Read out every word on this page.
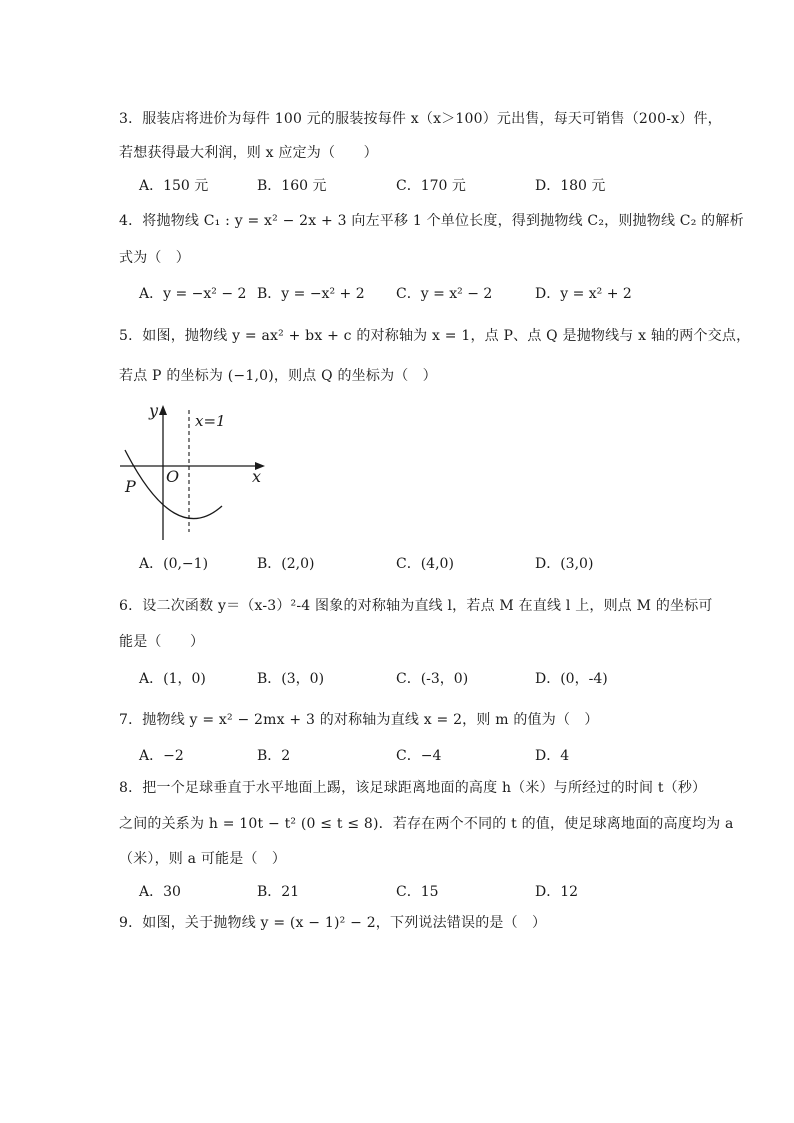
3．服装店将进价为每件 100 元的服装按每件 x（x＞100）元出售，每天可销售（200-x）件，
若想获得最大利润，则 x 应定为（　　）
A．150 元	B．160 元	C．170 元	D．180 元
4．将抛物线 C₁ : y = x² − 2x + 3 向左平移 1 个单位长度，得到抛物线 C₂，则抛物线 C₂ 的解析
式为（　）
A．y = −x² − 2 B．y = −x² + 2 C．y = x² − 2	D．y = x² + 2
5．如图，抛物线 y = ax² + bx + c 的对称轴为 x = 1，点 P、点 Q 是抛物线与 x 轴的两个交点，
若点 P 的坐标为 (−1,0)，则点 Q 的坐标为（　）
y
x
O
P
x=1
A．(0,−1)	B．(2,0)	C．(4,0)	D．(3,0)
6．设二次函数 y＝（x-3）²-4 图象的对称轴为直线 l，若点 M 在直线 l 上，则点 M 的坐标可
能是（　　）
A．(1，0)	B．(3，0)	C．(-3，0)	D．(0，-4)
7．抛物线 y = x² − 2mx + 3 的对称轴为直线 x = 2，则 m 的值为（　）
A．−2	B．2	C．−4	D．4
8．把一个足球垂直于水平地面上踢，该足球距离地面的高度 h（米）与所经过的时间 t（秒）
之间的关系为 h = 10t − t² (0 ≤ t ≤ 8)．若存在两个不同的 t 的值，使足球离地面的高度均为 a
（米），则 a 可能是（　）
A．30	B．21	C．15	D．12
9．如图，关于抛物线 y = (x − 1)² − 2，下列说法错误的是（　）
